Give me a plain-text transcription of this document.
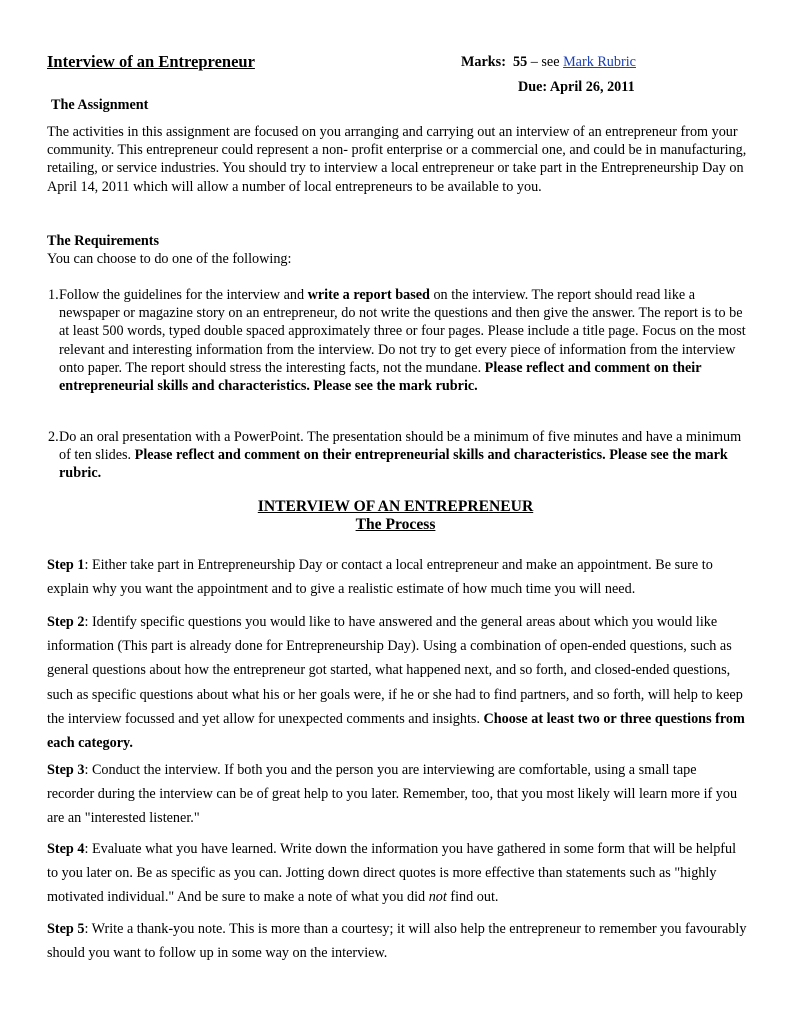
Interview of an Entrepreneur	Marks: 55 – see Mark Rubric
Due: April 26, 2011
The Assignment
The activities in this assignment are focused on you arranging and carrying out an interview of an entrepreneur from your community. This entrepreneur could represent a non- profit enterprise or a commercial one, and could be in manufacturing, retailing, or service industries. You should try to interview a local entrepreneur or take part in the Entrepreneurship Day on April 14, 2011 which will allow a number of local entrepreneurs to be available to you.
The Requirements
You can choose to do one of the following:
1. Follow the guidelines for the interview and write a report based on the interview. The report should read like a newspaper or magazine story on an entrepreneur, do not write the questions and then give the answer. The report is to be at least 500 words, typed double spaced approximately three or four pages. Please include a title page. Focus on the most relevant and interesting information from the interview. Do not try to get every piece of information from the interview onto paper. The report should stress the interesting facts, not the mundane. Please reflect and comment on their entrepreneurial skills and characteristics. Please see the mark rubric.
2. Do an oral presentation with a PowerPoint. The presentation should be a minimum of five minutes and have a minimum of ten slides. Please reflect and comment on their entrepreneurial skills and characteristics. Please see the mark rubric.
INTERVIEW OF AN ENTREPRENEUR
The Process
Step 1: Either take part in Entrepreneurship Day or contact a local entrepreneur and make an appointment. Be sure to explain why you want the appointment and to give a realistic estimate of how much time you will need.
Step 2: Identify specific questions you would like to have answered and the general areas about which you would like information (This part is already done for Entrepreneurship Day). Using a combination of open-ended questions, such as general questions about how the entrepreneur got started, what happened next, and so forth, and closed-ended questions, such as specific questions about what his or her goals were, if he or she had to find partners, and so forth, will help to keep the interview focussed and yet allow for unexpected comments and insights. Choose at least two or three questions from each category.
Step 3: Conduct the interview. If both you and the person you are interviewing are comfortable, using a small tape recorder during the interview can be of great help to you later. Remember, too, that you most likely will learn more if you are an "interested listener."
Step 4: Evaluate what you have learned. Write down the information you have gathered in some form that will be helpful to you later on. Be as specific as you can. Jotting down direct quotes is more effective than statements such as "highly motivated individual." And be sure to make a note of what you did not find out.
Step 5: Write a thank-you note. This is more than a courtesy; it will also help the entrepreneur to remember you favourably should you want to follow up in some way on the interview.
